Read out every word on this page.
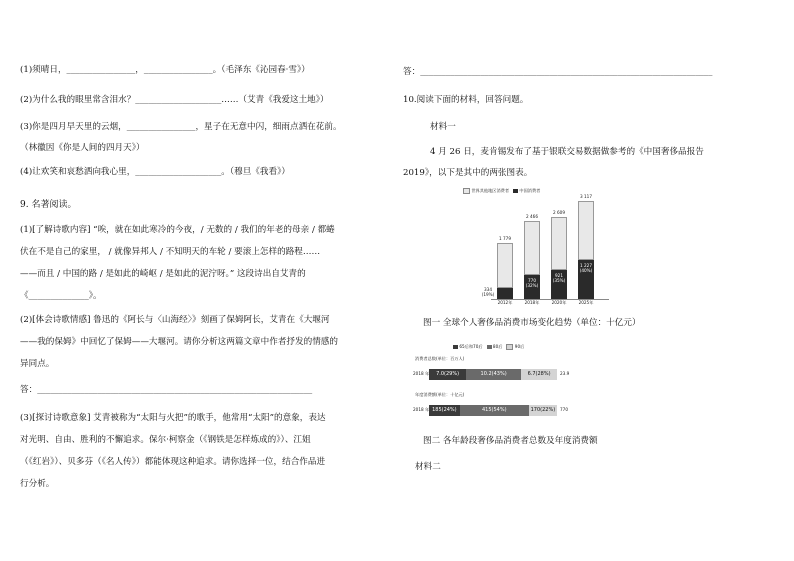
(1)须晴日，________________，________________。（毛泽东《沁园春·雪》）
(2)为什么我的眼里常含泪水？____________________……（艾青《我爱这土地》）
(3)你是四月早天里的云烟，________________，星子在无意中闪，细雨点洒在花前。
（林徽因《你是人间的四月天》）
(4)让欢笑和哀愁洒向我心里，____________________。（穆旦《我看》）
9. 名著阅读。
(1)[了解诗歌内容] “唉，就在如此寒冷的今夜，/ 无数的 / 我们的年老的母亲 / 都蜷
伏在不是自己的家里， / 就像异邦人 / 不知明天的车轮 / 要滚上怎样的路程……
——而且 / 中国的路 / 是如此的崎岖 / 是如此的泥泞呀。” 这段诗出自艾青的
《______________》。
(2)[体会诗歌情感] 鲁迅的《阿长与〈山海经〉》刻画了保姆阿长，艾青在《大堰河
——我的保姆》中回忆了保姆——大堰河。请你分析这两篇文章中作者抒发的情感的
异同点。
答：________________________________________________________________
(3)[探讨诗歌意象] 艾青被称为“太阳与火把”的歌手，他常用“太阳”的意象，表达
对光明、自由、胜利的不懈追求。保尔·柯察金（《钢铁是怎样炼成的》）、江姐
（《红岩》）、贝多芬（《名人传》）都能体现这种追求。请你选择一位，结合作品进
行分析。
答：____________________________________________________________________
10.阅读下面的材料，回答问题。
材料一
4 月 26 日，麦肯锡发布了基于银联交易数据做参考的《中国奢侈品报告
2019》，以下是其中的两张图表。
世界其他地区消费者 中国消费者
1 779
334
(19%)
2012年
2 466
770
(32%)
2018年
2 609
921
(35%)
2020年
3 117
1 227
(40%)
2025年
图一 全球个人奢侈品消费市场变化趋势（单位：十亿元）
65后和70后 80后	90后
消费者总数(单位：百万人)
2018 年	7.0(29%)	10.2(43%)	6.7(28%)	23.9
年度消费额(单位：十亿元)
2018 年 185(24%)	415(54%)	170(22%)	770
图二 各年龄段奢侈品消费者总数及年度消费额
材料二
